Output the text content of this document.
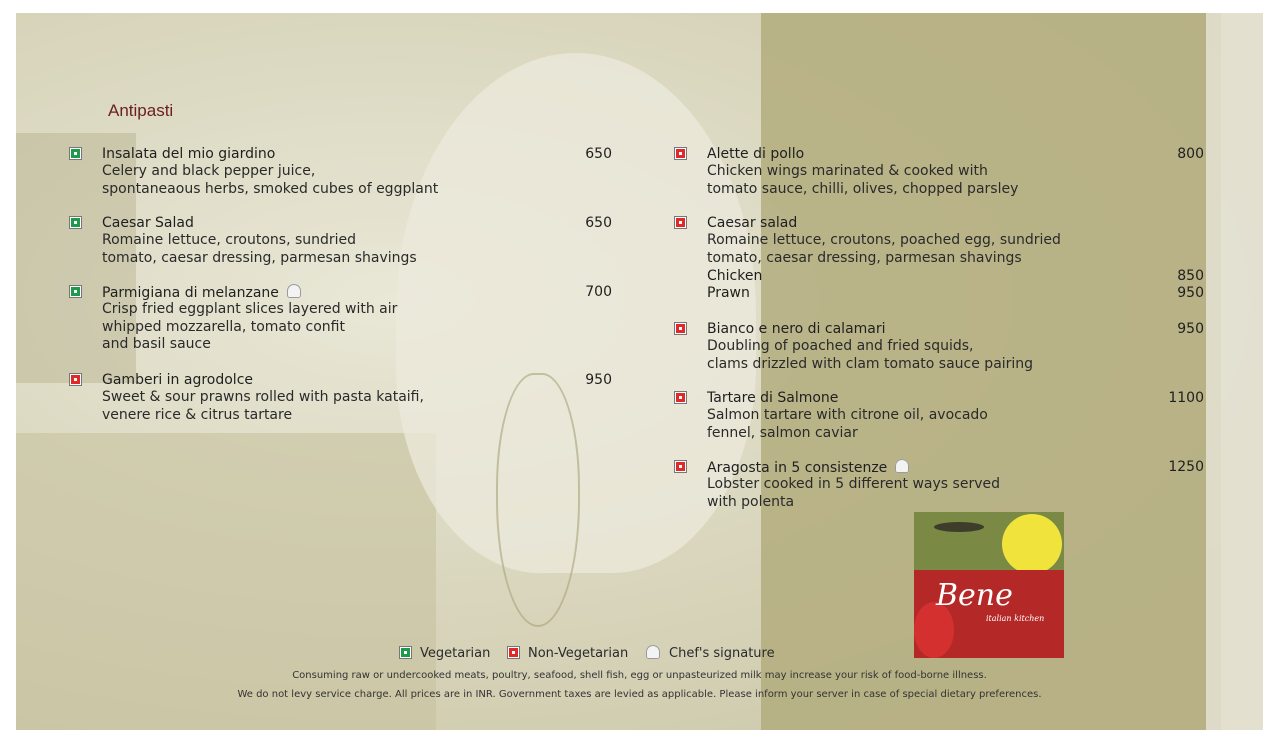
Antipasti
Insalata del mio giardino
Celery and black pepper juice,
spontaneaous herbs, smoked cubes of eggplant
650
Caesar Salad
Romaine lettuce, croutons, sundried
tomato, caesar dressing, parmesan shavings
650
Parmigiana di melanzane
Crisp fried eggplant slices layered with air
whipped mozzarella, tomato confit
and basil sauce
700
Gamberi in agrodolce
Sweet & sour prawns rolled with pasta kataifi,
venere rice & citrus tartare
950
Alette di pollo
Chicken wings marinated & cooked with
tomato sauce, chilli, olives, chopped parsley
800
Caesar salad
Romaine lettuce, croutons, poached egg, sundried
tomato, caesar dressing, parmesan shavings
Chicken	850
Prawn	950
Bianco e nero di calamari
Doubling of poached and fried squids,
clams drizzled with clam tomato sauce pairing
950
Tartare di Salmone
Salmon tartare with citrone oil, avocado
fennel, salmon caviar
1100
Aragosta in 5 consistenze
Lobster cooked in 5 different ways served
with polenta
1250
Bene
italian kitchen
Vegetarian	Non-Vegetarian	Chef's signature
Consuming raw or undercooked meats, poultry, seafood, shell fish, egg or unpasteurized milk may increase your risk of food-borne illness.
We do not levy service charge. All prices are in INR. Government taxes are levied as applicable. Please inform your server in case of special dietary preferences.
